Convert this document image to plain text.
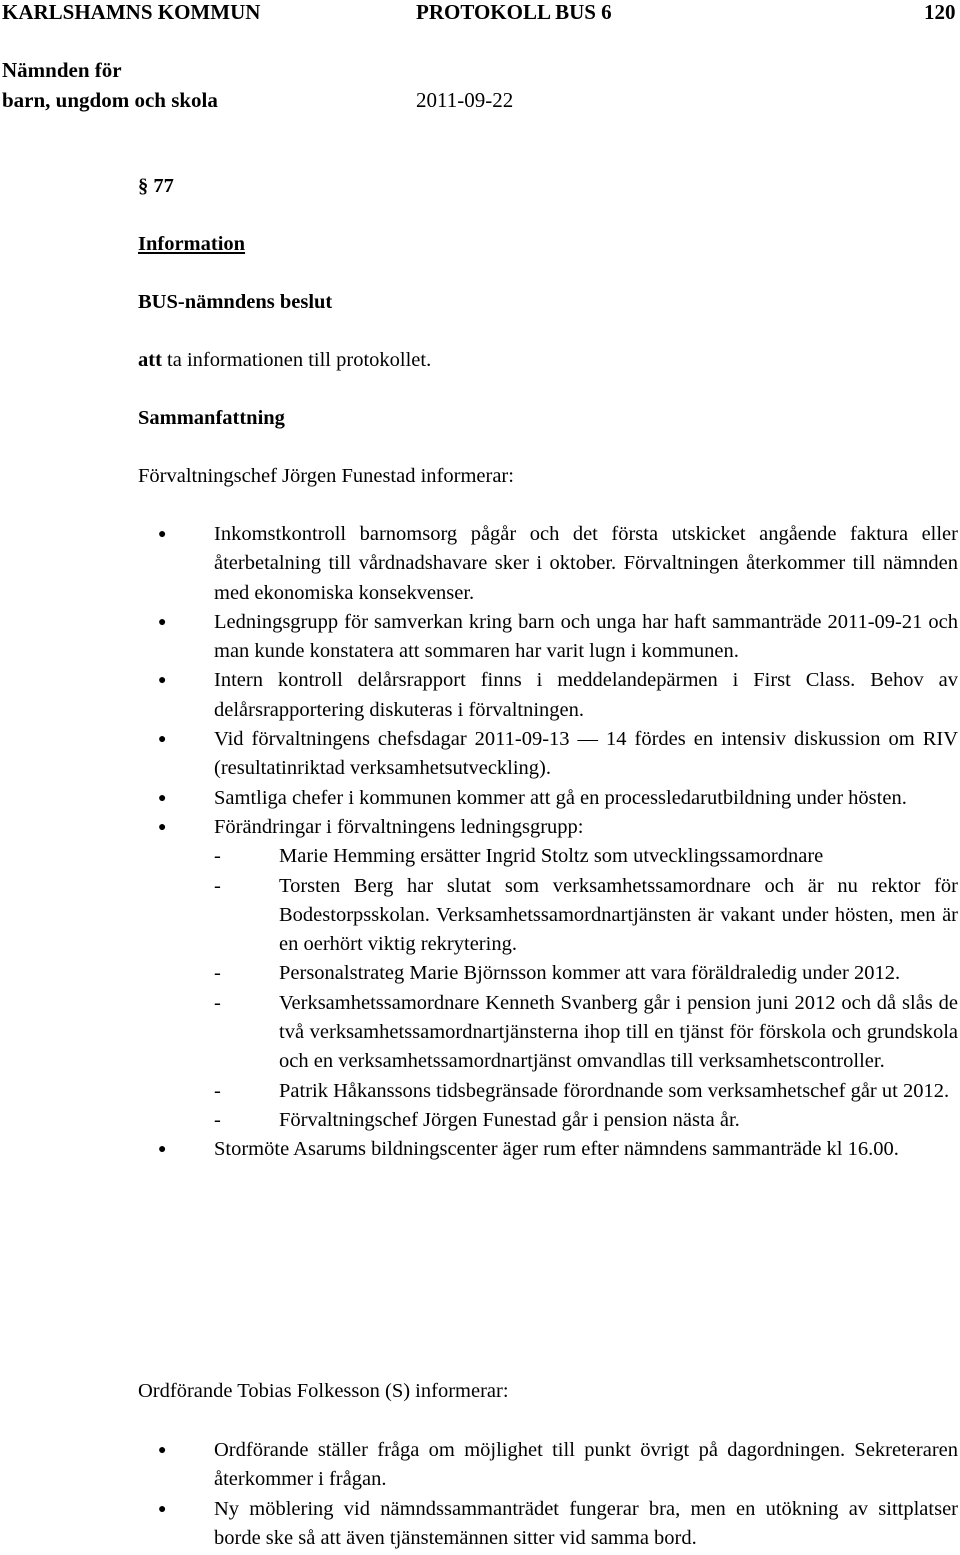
KARLSHAMNS KOMMUN	PROTOKOLL BUS 6	120
Nämnden för
barn, ungdom och skola	2011-09-22
§ 77
Information
BUS-nämndens beslut
att ta informationen till protokollet.
Sammanfattning
Förvaltningschef Jörgen Funestad informerar:
● Inkomstkontroll barnomsorg pågår och det första utskicket angående faktura eller återbetalning till vårdnadshavare sker i oktober. Förvaltningen återkommer till nämnden med ekonomiska konsekvenser.
● Ledningsgrupp för samverkan kring barn och unga har haft sammanträde 2011-09-21 och man kunde konstatera att sommaren har varit lugn i kommunen.
● Intern kontroll delårsrapport finns i meddelandepärmen i First Class. Behov av delårsrapportering diskuteras i förvaltningen.
● Vid förvaltningens chefsdagar 2011-09-13 — 14 fördes en intensiv diskussion om RIV (resultatinriktad verksamhetsutveckling).
● Samtliga chefer i kommunen kommer att gå en processledarutbildning under hösten.
● Förändringar i förvaltningens ledningsgrupp:
-	Marie Hemming ersätter Ingrid Stoltz som utvecklingssamordnare
-	Torsten Berg har slutat som verksamhetssamordnare och är nu rektor för Bodestorpsskolan. Verksamhetssamordnartjänsten är vakant under hösten, men är en oerhört viktig rekrytering.
-	Personalstrateg Marie Björnsson kommer att vara föräldraledig under 2012.
-	Verksamhetssamordnare Kenneth Svanberg går i pension juni 2012 och då slås de två verksamhetssamordnartjänsterna ihop till en tjänst för förskola och grundskola och en verksamhetssamordnartjänst omvandlas till verksamhetscontroller.
-	Patrik Håkanssons tidsbegränsade förordnande som verksamhetschef går ut 2012.
-	Förvaltningschef Jörgen Funestad går i pension nästa år.
● Stormöte Asarums bildningscenter äger rum efter nämndens sammanträde kl 16.00.
Ordförande Tobias Folkesson (S) informerar:
● Ordförande ställer fråga om möjlighet till punkt övrigt på dagordningen. Sekreteraren återkommer i frågan.
● Ny möblering vid nämndssammanträdet fungerar bra, men en utökning av sittplatser borde ske så att även tjänstemännen sitter vid samma bord.
